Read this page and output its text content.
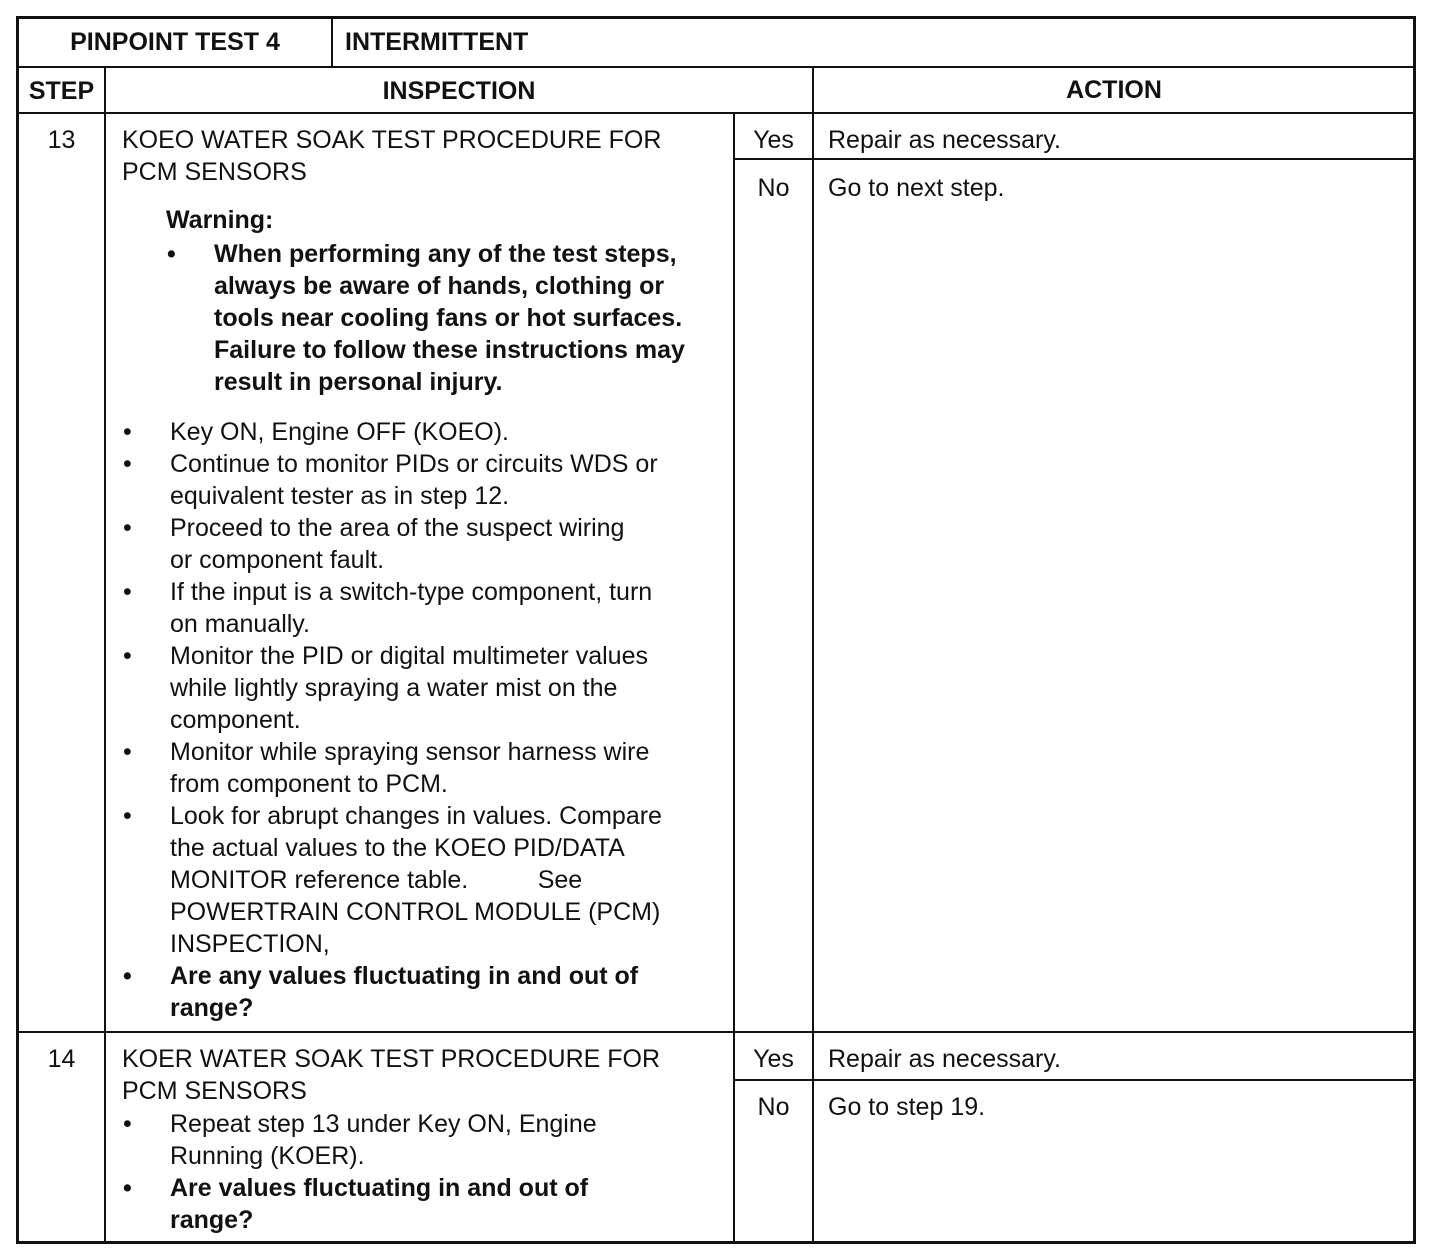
PINPOINT TEST 4	INTERMITTENT
STEP	INSPECTION	ACTION
13	KOEO WATER SOAK TEST PROCEDURE FOR
PCM SENSORS
Warning:
• When performing any of the test steps,
always be aware of hands, clothing or
tools near cooling fans or hot surfaces.
Failure to follow these instructions may
result in personal injury.
• Key ON, Engine OFF (KOEO).
• Continue to monitor PIDs or circuits WDS or
equivalent tester as in step 12.
• Proceed to the area of the suspect wiring
or component fault.
• If the input is a switch-type component, turn
on manually.
• Monitor the PID or digital multimeter values
while lightly spraying a water mist on the
component.
• Monitor while spraying sensor harness wire
from component to PCM.
• Look for abrupt changes in values. Compare
the actual values to the KOEO PID/DATA
MONITOR reference table.          See
POWERTRAIN CONTROL MODULE (PCM)
INSPECTION,
• Are any values fluctuating in and out of
range?
Yes	Repair as necessary.
No	Go to next step.
14	KOER WATER SOAK TEST PROCEDURE FOR
PCM SENSORS
• Repeat step 13 under Key ON, Engine
Running (KOER).
• Are values fluctuating in and out of
range?
Yes	Repair as necessary.
No	Go to step 19.
